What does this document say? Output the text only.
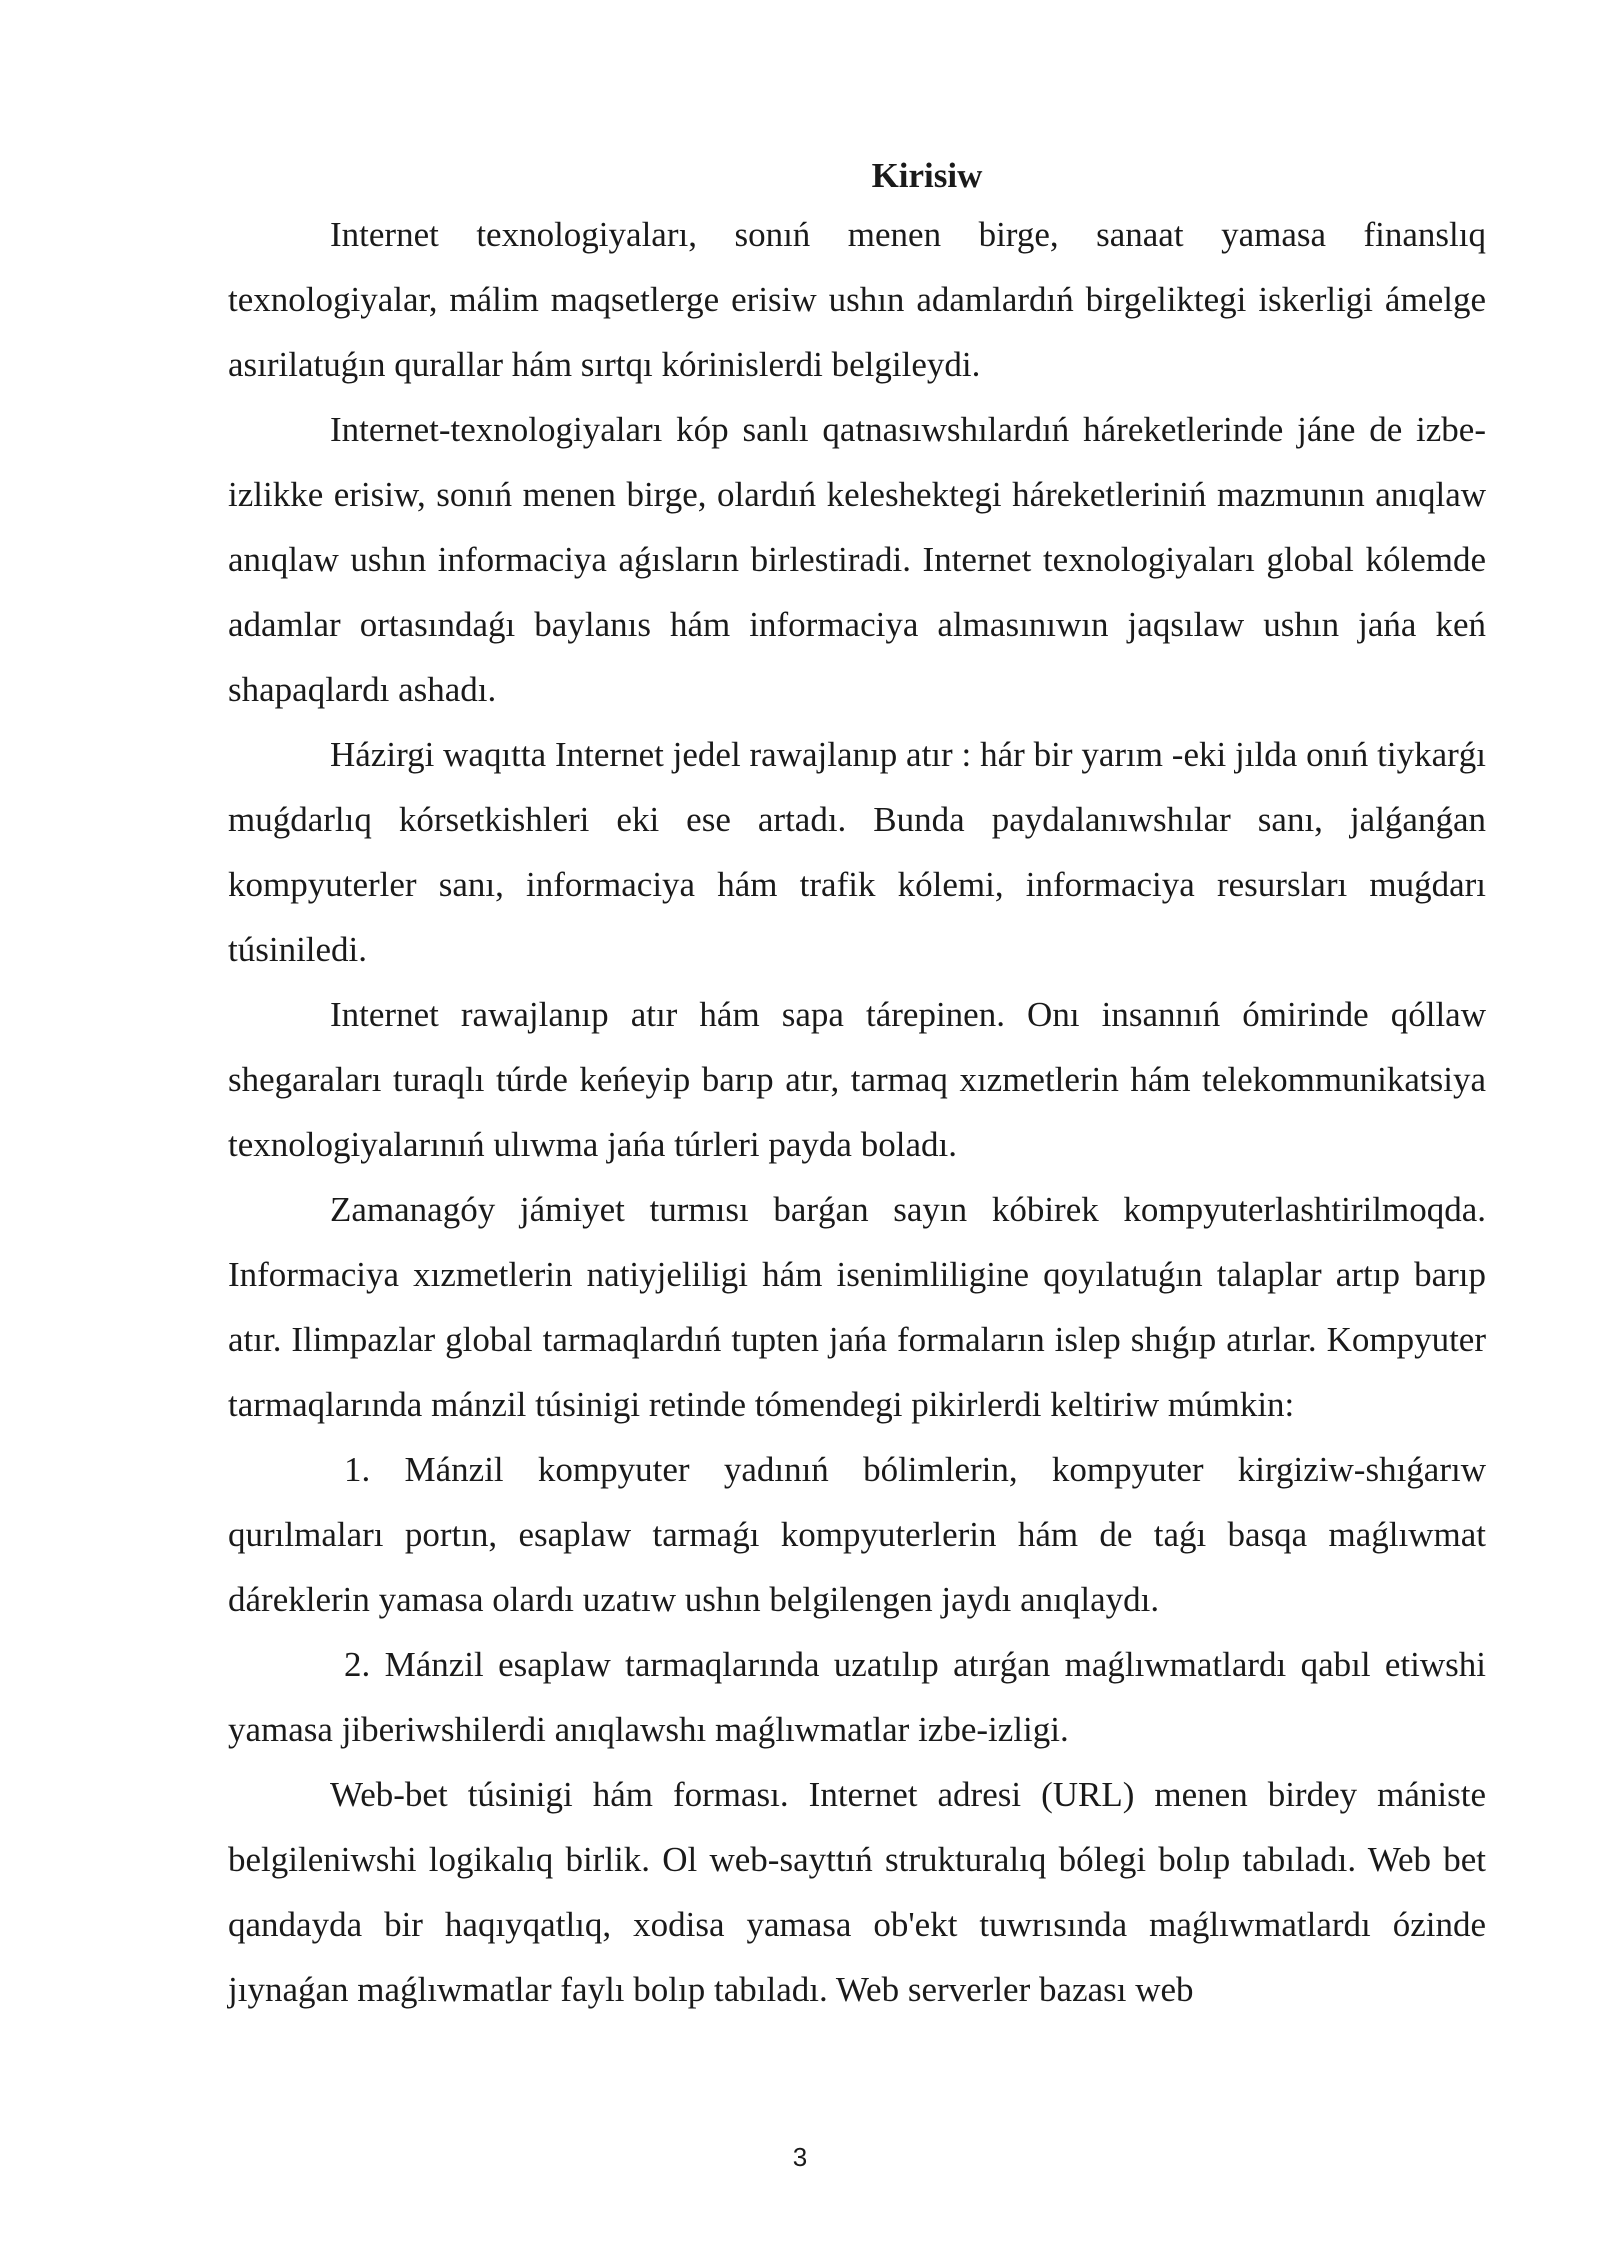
Kirisiw

Internet texnologiyaları, sonıń menen birge, sanaat yamasa finanslıq texnologiyalar, málim maqsetlerge erisiw ushın adamlardıń birgeliktegi iskerligi ámelge asırilatuǵın qurallar hám sırtqı kórinislerdi belgileydi.

Internet-texnologiyaları kóp sanlı qatnasıwshılardıń háreketlerinde jáne de izbe-izlikke erisiw, sonıń menen birge, olardıń keleshektegi háreketleriniń mazmunın anıqlaw anıqlaw ushın informaciya aǵısların birlestiradi. Internet texnologiyaları global kólemde adamlar ortasındaǵı baylanıs hám informaciya almasınıwın jaqsılaw ushın jańa keń shapaqlardı ashadı.

Házirgi waqıtta Internet jedel rawajlanıp atır : hár bir yarım -eki jılda onıń tiykarǵı muǵdarlıq kórsetkishleri eki ese artadı. Bunda paydalanıwshılar sanı, jalǵanǵan kompyuterler sanı, informaciya hám trafik kólemi, informaciya resursları muǵdarı túsiniledi.

Internet rawajlanıp atır hám sapa tárepinen. Onı insannıń ómirinde qóllaw shegaraları turaqlı túrde keńeyip barıp atır, tarmaq xızmetlerin hám telekommunikatsiya texnologiyalarınıń ulıwma jańa túrleri payda boladı.

Zamanagóy jámiyet turmısı barǵan sayın kóbirek kompyuterlashtirilmoqda. Informaciya xızmetlerin natiyjeliligi hám isenimliligine qoyılatuǵın talaplar artıp barıp atır. Ilimpazlar global tarmaqlardıń tupten jańa formaların islep shıǵıp atırlar. Kompyuter tarmaqlarında mánzil túsinigi retinde tómendegi pikirlerdi keltiriw múmkin:

1. Mánzil kompyuter yadınıń bólimlerin, kompyuter kirgiziw-shıǵarıw qurılmaları portın, esaplaw tarmaǵı kompyuterlerin hám de taǵı basqa maǵlıwmat dáreklerin yamasa olardı uzatıw ushın belgilengen jaydı anıqlaydı.

2. Mánzil esaplaw tarmaqlarında uzatılıp atırǵan maǵlıwmatlardı qabıl etiwshi yamasa jiberiwshilerdi anıqlawshı maǵlıwmatlar izbe-izligi.

Web-bet túsinigi hám forması. Internet adresi (URL) menen birdey mániste belgileniwshi logikalıq birlik. Ol web-sayttıń strukturalıq bólegi bolıp tabıladı. Web bet qandayda bir haqıyqatlıq, xodisa yamasa ob'ekt tuwrısında maǵlıwmatlardı ózinde jıynaǵan maǵlıwmatlar faylı bolıp tabıladı. Web serverler bazası web

3
